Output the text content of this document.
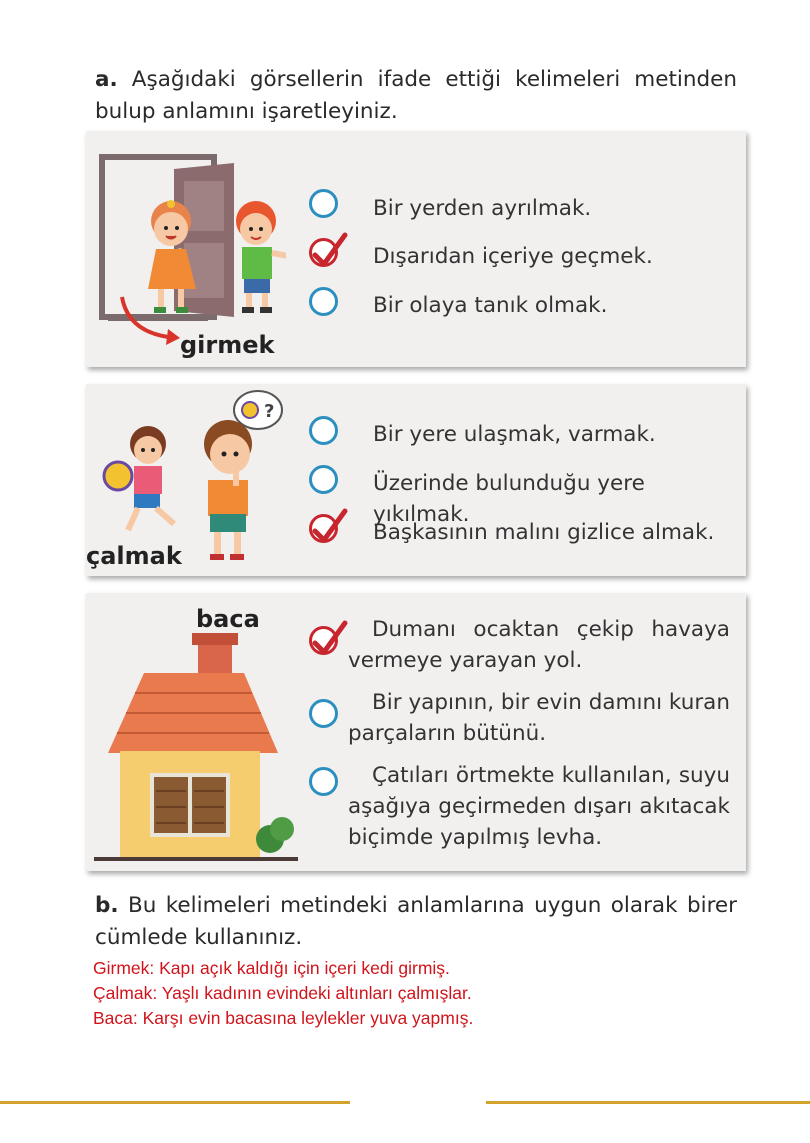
a. Aşağıdaki görsellerin ifade ettiği kelimeleri metinden bulup anlamını işaretleyiniz.
girmek
Bir yerden ayrılmak.
Dışarıdan içeriye geçmek.
Bir olaya tanık olmak.
?
çalmak
Bir yere ulaşmak, varmak.
Üzerinde bulunduğu yere yıkılmak.
Başkasının malını gizlice almak.
baca	Dumanı ocaktan çekip havaya vermeye yarayan yol.
Bir yapının, bir evin damını kuran parçaların bütünü.
Çatıları örtmekte kullanılan, suyu aşağıya geçirmeden dışarı akıtacak biçimde yapılmış levha.
b. Bu kelimeleri metindeki anlamlarına uygun olarak birer cümlede kullanınız.
Girmek: Kapı açık kaldığı için içeri kedi girmiş.
Çalmak: Yaşlı kadının evindeki altınları çalmışlar.
Baca: Karşı evin bacasına leylekler yuva yapmış.
